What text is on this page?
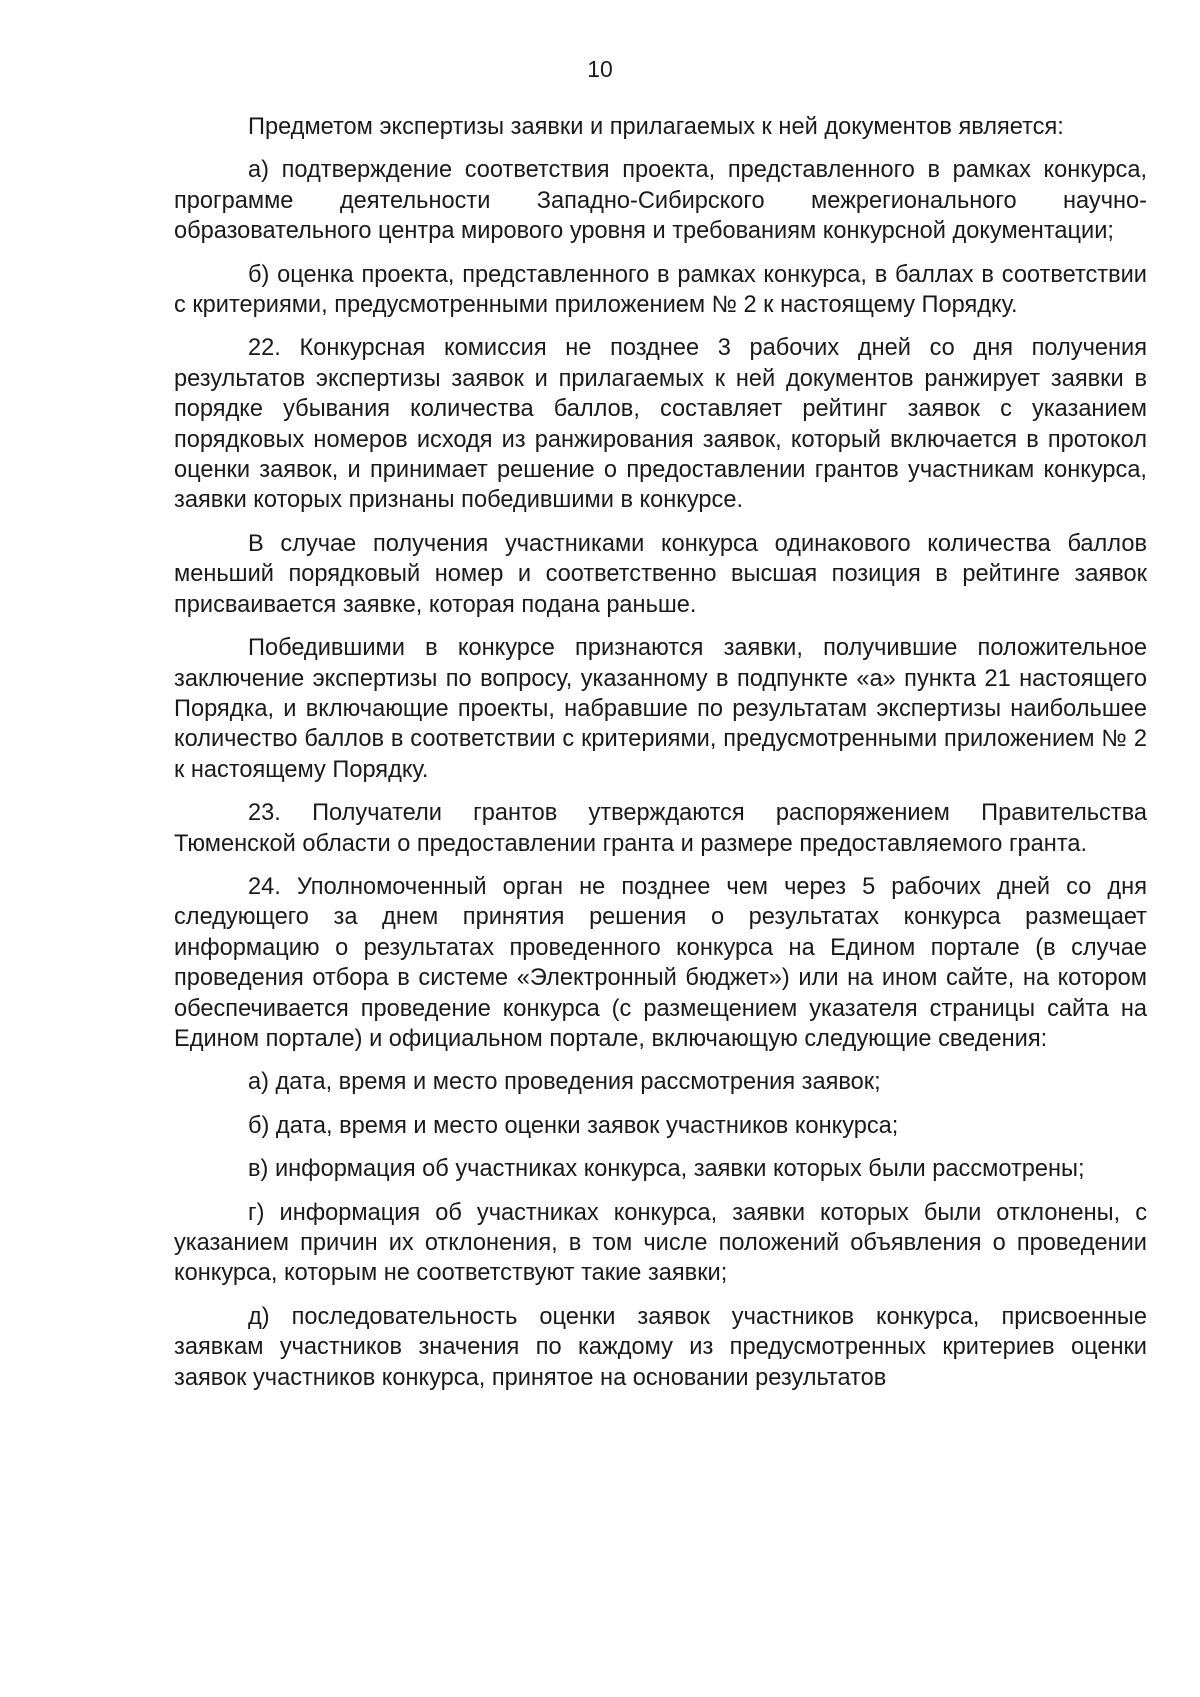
10

Предметом экспертизы заявки и прилагаемых к ней документов является:

а) подтверждение соответствия проекта, представленного в рамках конкурса, программе деятельности Западно-Сибирского межрегионального научно-образовательного центра мирового уровня и требованиям конкурсной документации;

б) оценка проекта, представленного в рамках конкурса, в баллах в соответствии с критериями, предусмотренными приложением № 2 к настоящему Порядку.

22. Конкурсная комиссия не позднее 3 рабочих дней со дня получения результатов экспертизы заявок и прилагаемых к ней документов ранжирует заявки в порядке убывания количества баллов, составляет рейтинг заявок с указанием порядковых номеров исходя из ранжирования заявок, который включается в протокол оценки заявок, и принимает решение о предоставлении грантов участникам конкурса, заявки которых признаны победившими в конкурсе.

В случае получения участниками конкурса одинакового количества баллов меньший порядковый номер и соответственно высшая позиция в рейтинге заявок присваивается заявке, которая подана раньше.

Победившими в конкурсе признаются заявки, получившие положительное заключение экспертизы по вопросу, указанному в подпункте «а» пункта 21 настоящего Порядка, и включающие проекты, набравшие по результатам экспертизы наибольшее количество баллов в соответствии с критериями, предусмотренными приложением № 2 к настоящему Порядку.

23. Получатели грантов утверждаются распоряжением Правительства Тюменской области о предоставлении гранта и размере предоставляемого гранта.

24. Уполномоченный орган не позднее чем через 5 рабочих дней со дня следующего за днем принятия решения о результатах конкурса размещает информацию о результатах проведенного конкурса на Едином портале (в случае проведения отбора в системе «Электронный бюджет») или на ином сайте, на котором обеспечивается проведение конкурса (с размещением указателя страницы сайта на Едином портале) и официальном портале, включающую следующие сведения:

а) дата, время и место проведения рассмотрения заявок;

б) дата, время и место оценки заявок участников конкурса;

в) информация об участниках конкурса, заявки которых были рассмотрены;

г) информация об участниках конкурса, заявки которых были отклонены, с указанием причин их отклонения, в том числе положений объявления о проведении конкурса, которым не соответствуют такие заявки;

д) последовательность оценки заявок участников конкурса, присвоенные заявкам участников значения по каждому из предусмотренных критериев оценки заявок участников конкурса, принятое на основании результатов
